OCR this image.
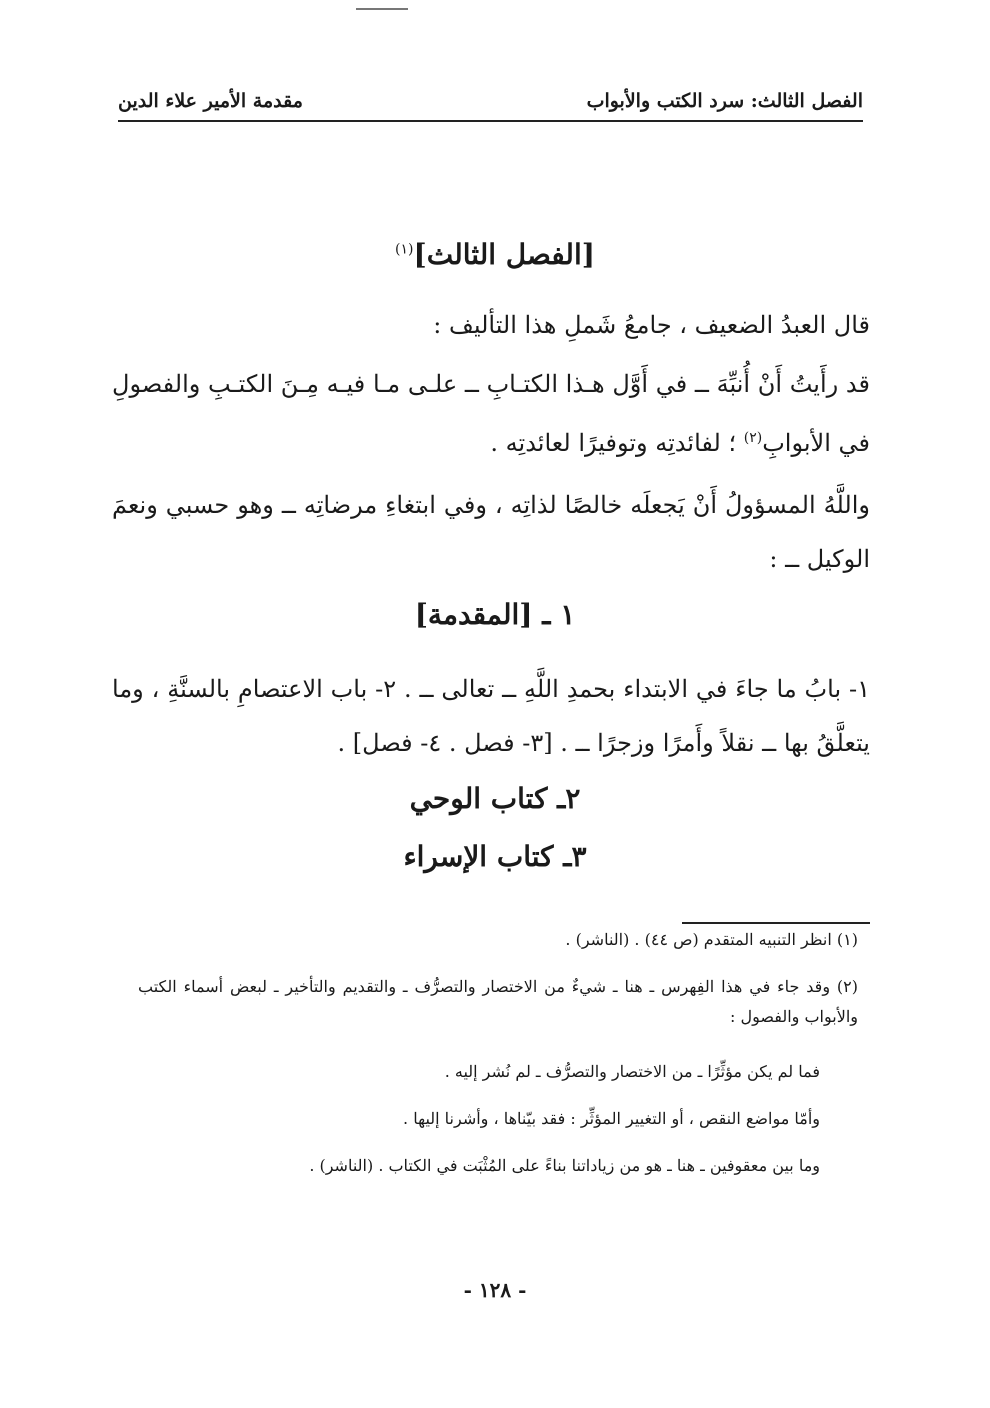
الفصل الثالث: سرد الكتب والأبواب
مقدمة الأمير علاء الدين
[الفصل الثالث]$^{(١)}$

قال العبدُ الضعيف ، جامعُ شَملِ هذا التأليف :

قد رأَيتُ أَنْ أُنبِّهَ ــ في أَوَّل هـذا الكتـابِ ــ علـى مـا فيـه مِـنَ الكتـبِ والفصولِ في الأبوابِ$^{(٢)}$ ؛ لفائدتِه وتوفيرًا لعائدتِه .

واللَّهُ المسؤولُ أَنْ يَجعلَه خالصًا لذاتِه ، وفي ابتغاءِ مرضاتِه ــ وهو حسبي ونعمَ الوكيل ــ :

١ ـ [المقدمة]

١- بابُ ما جاءَ في الابتداء بحمدِ اللَّهِ ــ تعالى ــ . ٢- باب الاعتصامِ بالسنَّةِ ، وما يتعلَّقُ بها ــ نقلاً وأَمرًا وزجرًا ــ . [٣- فصل . ٤- فصل] .

٢ـ كتاب الوحي
٣ـ كتاب الإسراء

(١) انظر التنبيه المتقدم (ص ٤٤) . (الناشر) .

(٢) وقد جاء في هذا الفِهرس ـ هنا ـ شيءٌ من الاختصار والتصرُّف ـ والتقديم والتأخير ـ لبعض أسماء الكتب والأبواب والفصول :

فما لم يكن مؤثِّرًا ـ من الاختصار والتصرُّف ـ لم نُشر إليه .

وأمّا مواضع النقص ، أو التغيير المؤثِّر : فقد بيّناها ، وأشرنا إليها .

وما بين معقوفين ـ هنا ـ هو من زياداتنا بناءً على المُثْبَت في الكتاب . (الناشر) .

- ١٢٨ -
